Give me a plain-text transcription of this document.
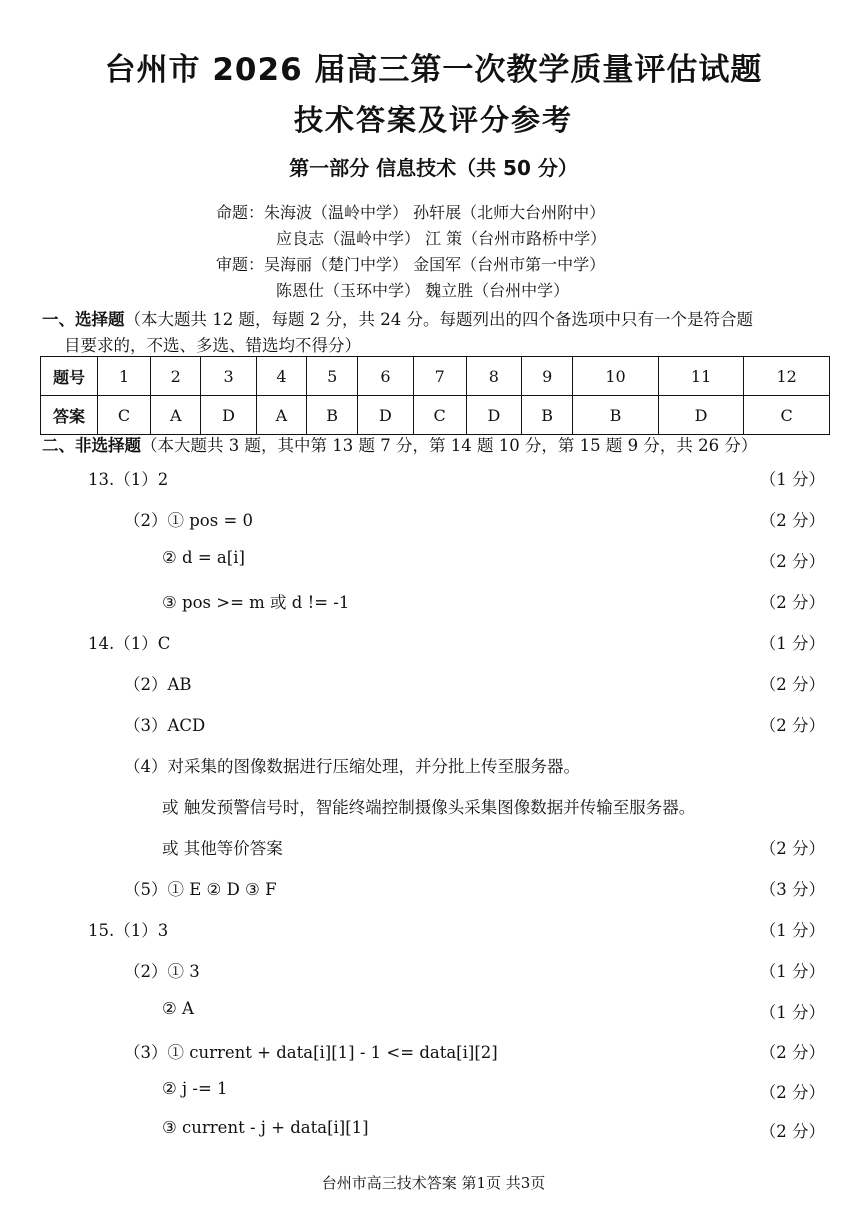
台州市 2026 届高三第一次教学质量评估试题
技术答案及评分参考
第一部分 信息技术（共 50 分）
命题：朱海波（温岭中学） 孙轩展（北师大台州附中）
应良志（温岭中学） 江 策（台州市路桥中学）
审题：吴海丽（楚门中学） 金国军（台州市第一中学）
陈恩仕（玉环中学） 魏立胜（台州中学）
一、选择题（本大题共 12 题，每题 2 分，共 24 分。每题列出的四个备选项中只有一个是符合题
目要求的，不选、多选、错选均不得分）
题号	1	2	3	4	5	6	7	8	9	10	11	12
答案	C	A	D	A	B	D	C	D	B	B	D	C
二、非选择题（本大题共 3 题，其中第 13 题 7 分，第 14 题 10 分，第 15 题 9 分，共 26 分）
13.（1）2	（1 分）
（2）① pos = 0	（2 分）
② d = a[i]	（2 分）
③ pos >= m 或 d != -1	（2 分）
14.（1）C	（1 分）
（2）AB	（2 分）
（3）ACD	（2 分）
（4）对采集的图像数据进行压缩处理，并分批上传至服务器。
或 触发预警信号时，智能终端控制摄像头采集图像数据并传输至服务器。
或 其他等价答案	（2 分）
（5）① E ② D ③ F	（3 分）
15.（1）3	（1 分）
（2）① 3	（1 分）
② A	（1 分）
（3）① current + data[i][1] - 1 <= data[i][2]	（2 分）
② j -= 1	（2 分）
③ current - j + data[i][1]	（2 分）
台州市高三技术答案 第1页 共3页
